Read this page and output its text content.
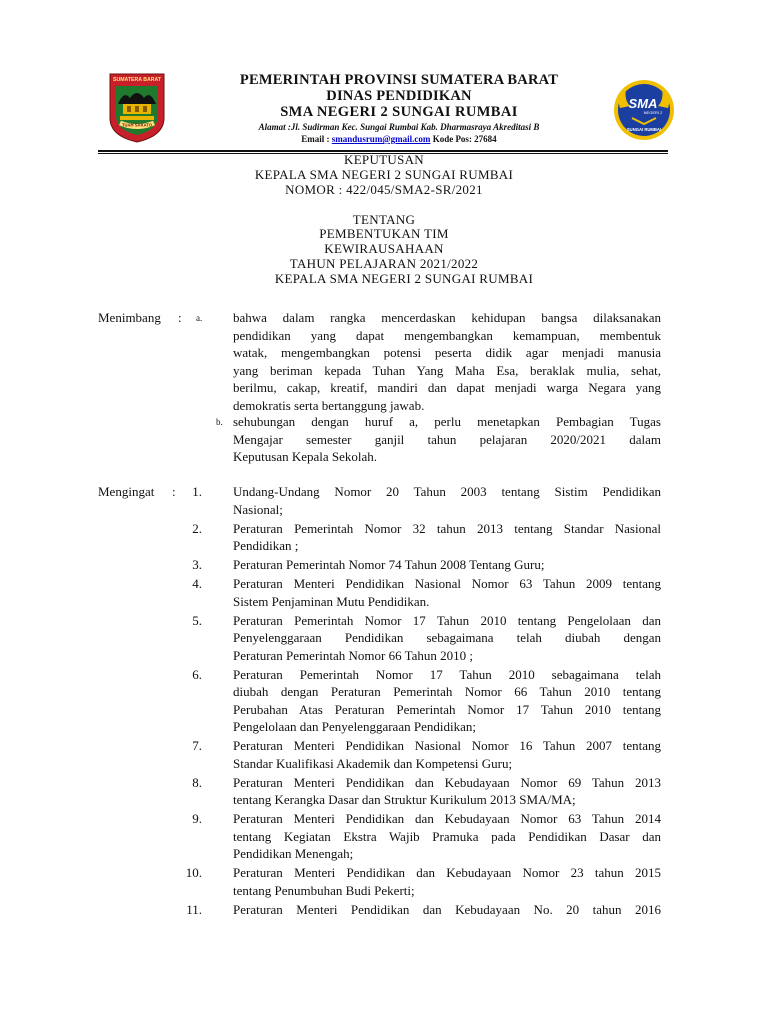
SUMATERA BARAT
TUAH SAKATO
PEMERINTAH PROVINSI SUMATERA BARAT
DINAS PENDIDIKAN
SMA NEGERI 2 SUNGAI RUMBAI
Alamat :Jl. Sudirman Kec. Sungai Rumbai Kab. Dharmasraya Akreditasi B
Email : smandusrum@gmail.com Kode Pos: 27684
SMA
NEGERI 2
SUNGAI RUMBAI
KEPUTUSAN
KEPALA SMA NEGERI 2 SUNGAI RUMBAI
NOMOR : 422/045/SMA2-SR/2021
TENTANG
PEMBENTUKAN TIM
KEWIRAUSAHAAN
TAHUN PELAJARAN 2021/2022
KEPALA SMA NEGERI 2 SUNGAI RUMBAI
Menimbang : a. bahwa dalam rangka mencerdaskan kehidupan bangsa dilaksanakan
pendidikan yang dapat mengembangkan kemampuan, membentuk
watak, mengembangkan potensi peserta didik agar menjadi manusia
yang beriman kepada Tuhan Yang Maha Esa, beraklak mulia, sehat,
berilmu, cakap, kreatif, mandiri dan dapat menjadi warga Negara yang
demokratis serta bertanggung jawab.
b. sehubungan dengan huruf a, perlu menetapkan Pembagian Tugas
Mengajar semester ganjil tahun pelajaran 2020/2021 dalam
Keputusan Kepala Sekolah.
Mengingat :	1. Undang-Undang Nomor 20 Tahun 2003 tentang Sistim Pendidikan
Nasional;
2. Peraturan Pemerintah Nomor 32 tahun 2013 tentang Standar Nasional
Pendidikan ;
3. Peraturan Pemerintah Nomor 74 Tahun 2008 Tentang Guru;
4. Peraturan Menteri Pendidikan Nasional Nomor 63 Tahun 2009 tentang
Sistem Penjaminan Mutu Pendidikan.
5. Peraturan Pemerintah Nomor 17 Tahun 2010 tentang Pengelolaan dan
Penyelenggaraan Pendidikan sebagaimana telah diubah dengan
Peraturan Pemerintah Nomor 66 Tahun 2010 ;
6. Peraturan Pemerintah Nomor 17 Tahun 2010 sebagaimana telah
diubah dengan Peraturan Pemerintah Nomor 66 Tahun 2010 tentang
Perubahan Atas Peraturan Pemerintah Nomor 17 Tahun 2010 tentang
Pengelolaan dan Penyelenggaraan Pendidikan;
7. Peraturan Menteri Pendidikan Nasional Nomor 16 Tahun 2007 tentang
Standar Kualifikasi Akademik dan Kompetensi Guru;
8. Peraturan Menteri Pendidikan dan Kebudayaan Nomor 69 Tahun 2013
tentang Kerangka Dasar dan Struktur Kurikulum 2013 SMA/MA;
9. Peraturan Menteri Pendidikan dan Kebudayaan Nomor 63 Tahun 2014
tentang Kegiatan Ekstra Wajib Pramuka pada Pendidikan Dasar dan
Pendidikan Menengah;
10. Peraturan Menteri Pendidikan dan Kebudayaan Nomor 23 tahun 2015
tentang Penumbuhan Budi Pekerti;
11. Peraturan Menteri Pendidikan dan Kebudayaan No. 20 tahun 2016
